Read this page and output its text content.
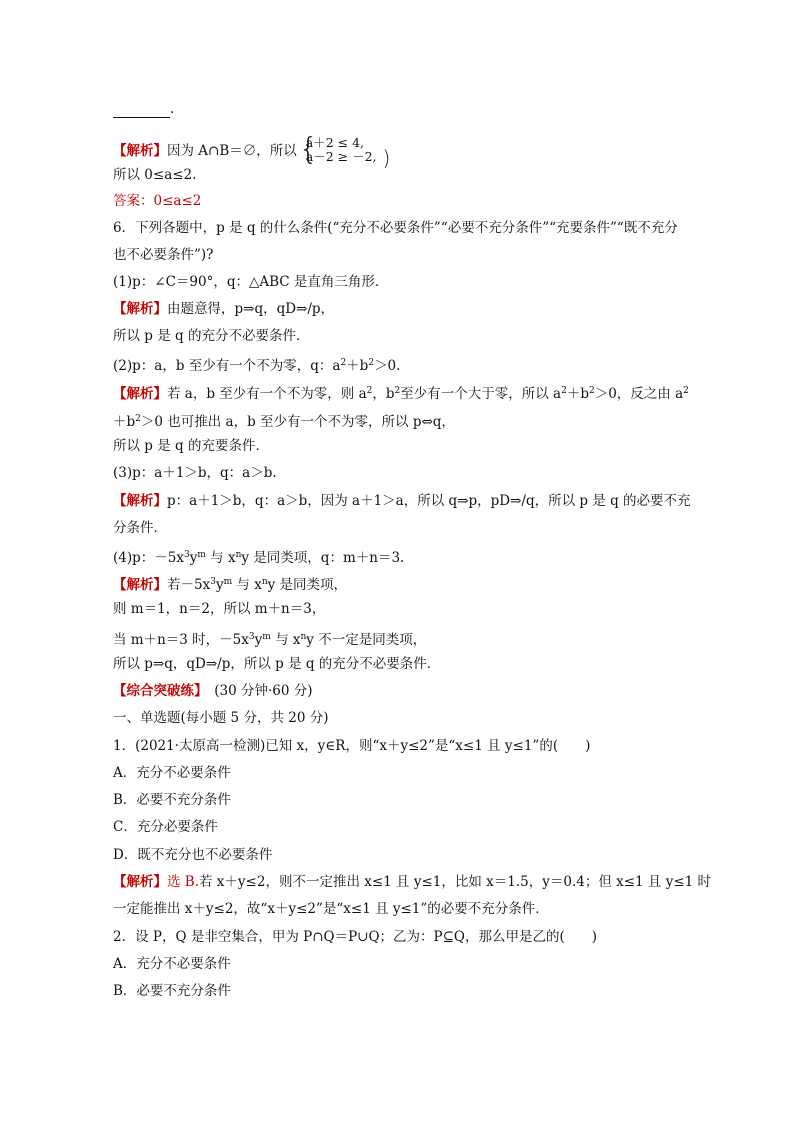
.
【解析】因为 A∩B＝∅，所以 {
a＋2 ≤ 4,
a－2 ≥ －2, )
所以 0≤a≤2.
答案：0≤a≤2
6．下列各题中，p 是 q 的什么条件(“充分不必要条件”“必要不充分条件”“充要条件”“既不充分
也不必要条件”)?
(1)p：∠C＝90°，q：△ABC 是直角三角形．
【解析】由题意得，p⇒q，qD⇒/p，
所以 p 是 q 的充分不必要条件．
(2)p：a，b 至少有一个不为零，q：$a^2+b^2>0$.
【解析】若 a，b 至少有一个不为零，则 $a^2$，$b^2$至少有一个大于零，所以 $a^2+b^2>0$，反之由 $a^2$
$+b^2>0$ 也可推出 a，b 至少有一个不为零，所以 p⇔q，
所以 p 是 q 的充要条件．
(3)p：a＋1＞b，q：a＞b.
【解析】p：a＋1＞b，q：a＞b，因为 a＋1＞a，所以 q⇒p，pD⇒/q，所以 p 是 q 的必要不充
分条件．
(4)p：$-5x^3y^m$ 与 $x^ny$ 是同类项，q：m＋n＝3.
【解析】若$-5x^3y^m$ 与 $x^ny$ 是同类项，
则 m＝1，n＝2，所以 m＋n＝3，
当 m＋n＝3 时，$-5x^3y^m$ 与 $x^ny$ 不一定是同类项，
所以 p⇒q，qD⇒/p，所以 p 是 q 的充分不必要条件．
【综合突破练】　(30 分钟·60 分)
一、单选题(每小题 5 分，共 20 分)
1．(2021·太原高一检测)已知 x，y∈R，则“x＋y≤2”是“x≤1 且 y≤1”的(　　)
A．充分不必要条件
B．必要不充分条件
C．充分必要条件
D．既不充分也不必要条件
【解析】选 B.若 x＋y≤2，则不一定推出 x≤1 且 y≤1，比如 x＝1.5，y＝0.4；但 x≤1 且 y≤1 时
一定能推出 x＋y≤2，故“x＋y≤2”是“x≤1 且 y≤1”的必要不充分条件．
2．设 P，Q 是非空集合，甲为 P∩Q＝P∪Q；乙为：P⊆Q，那么甲是乙的(　　)
A．充分不必要条件
B．必要不充分条件
